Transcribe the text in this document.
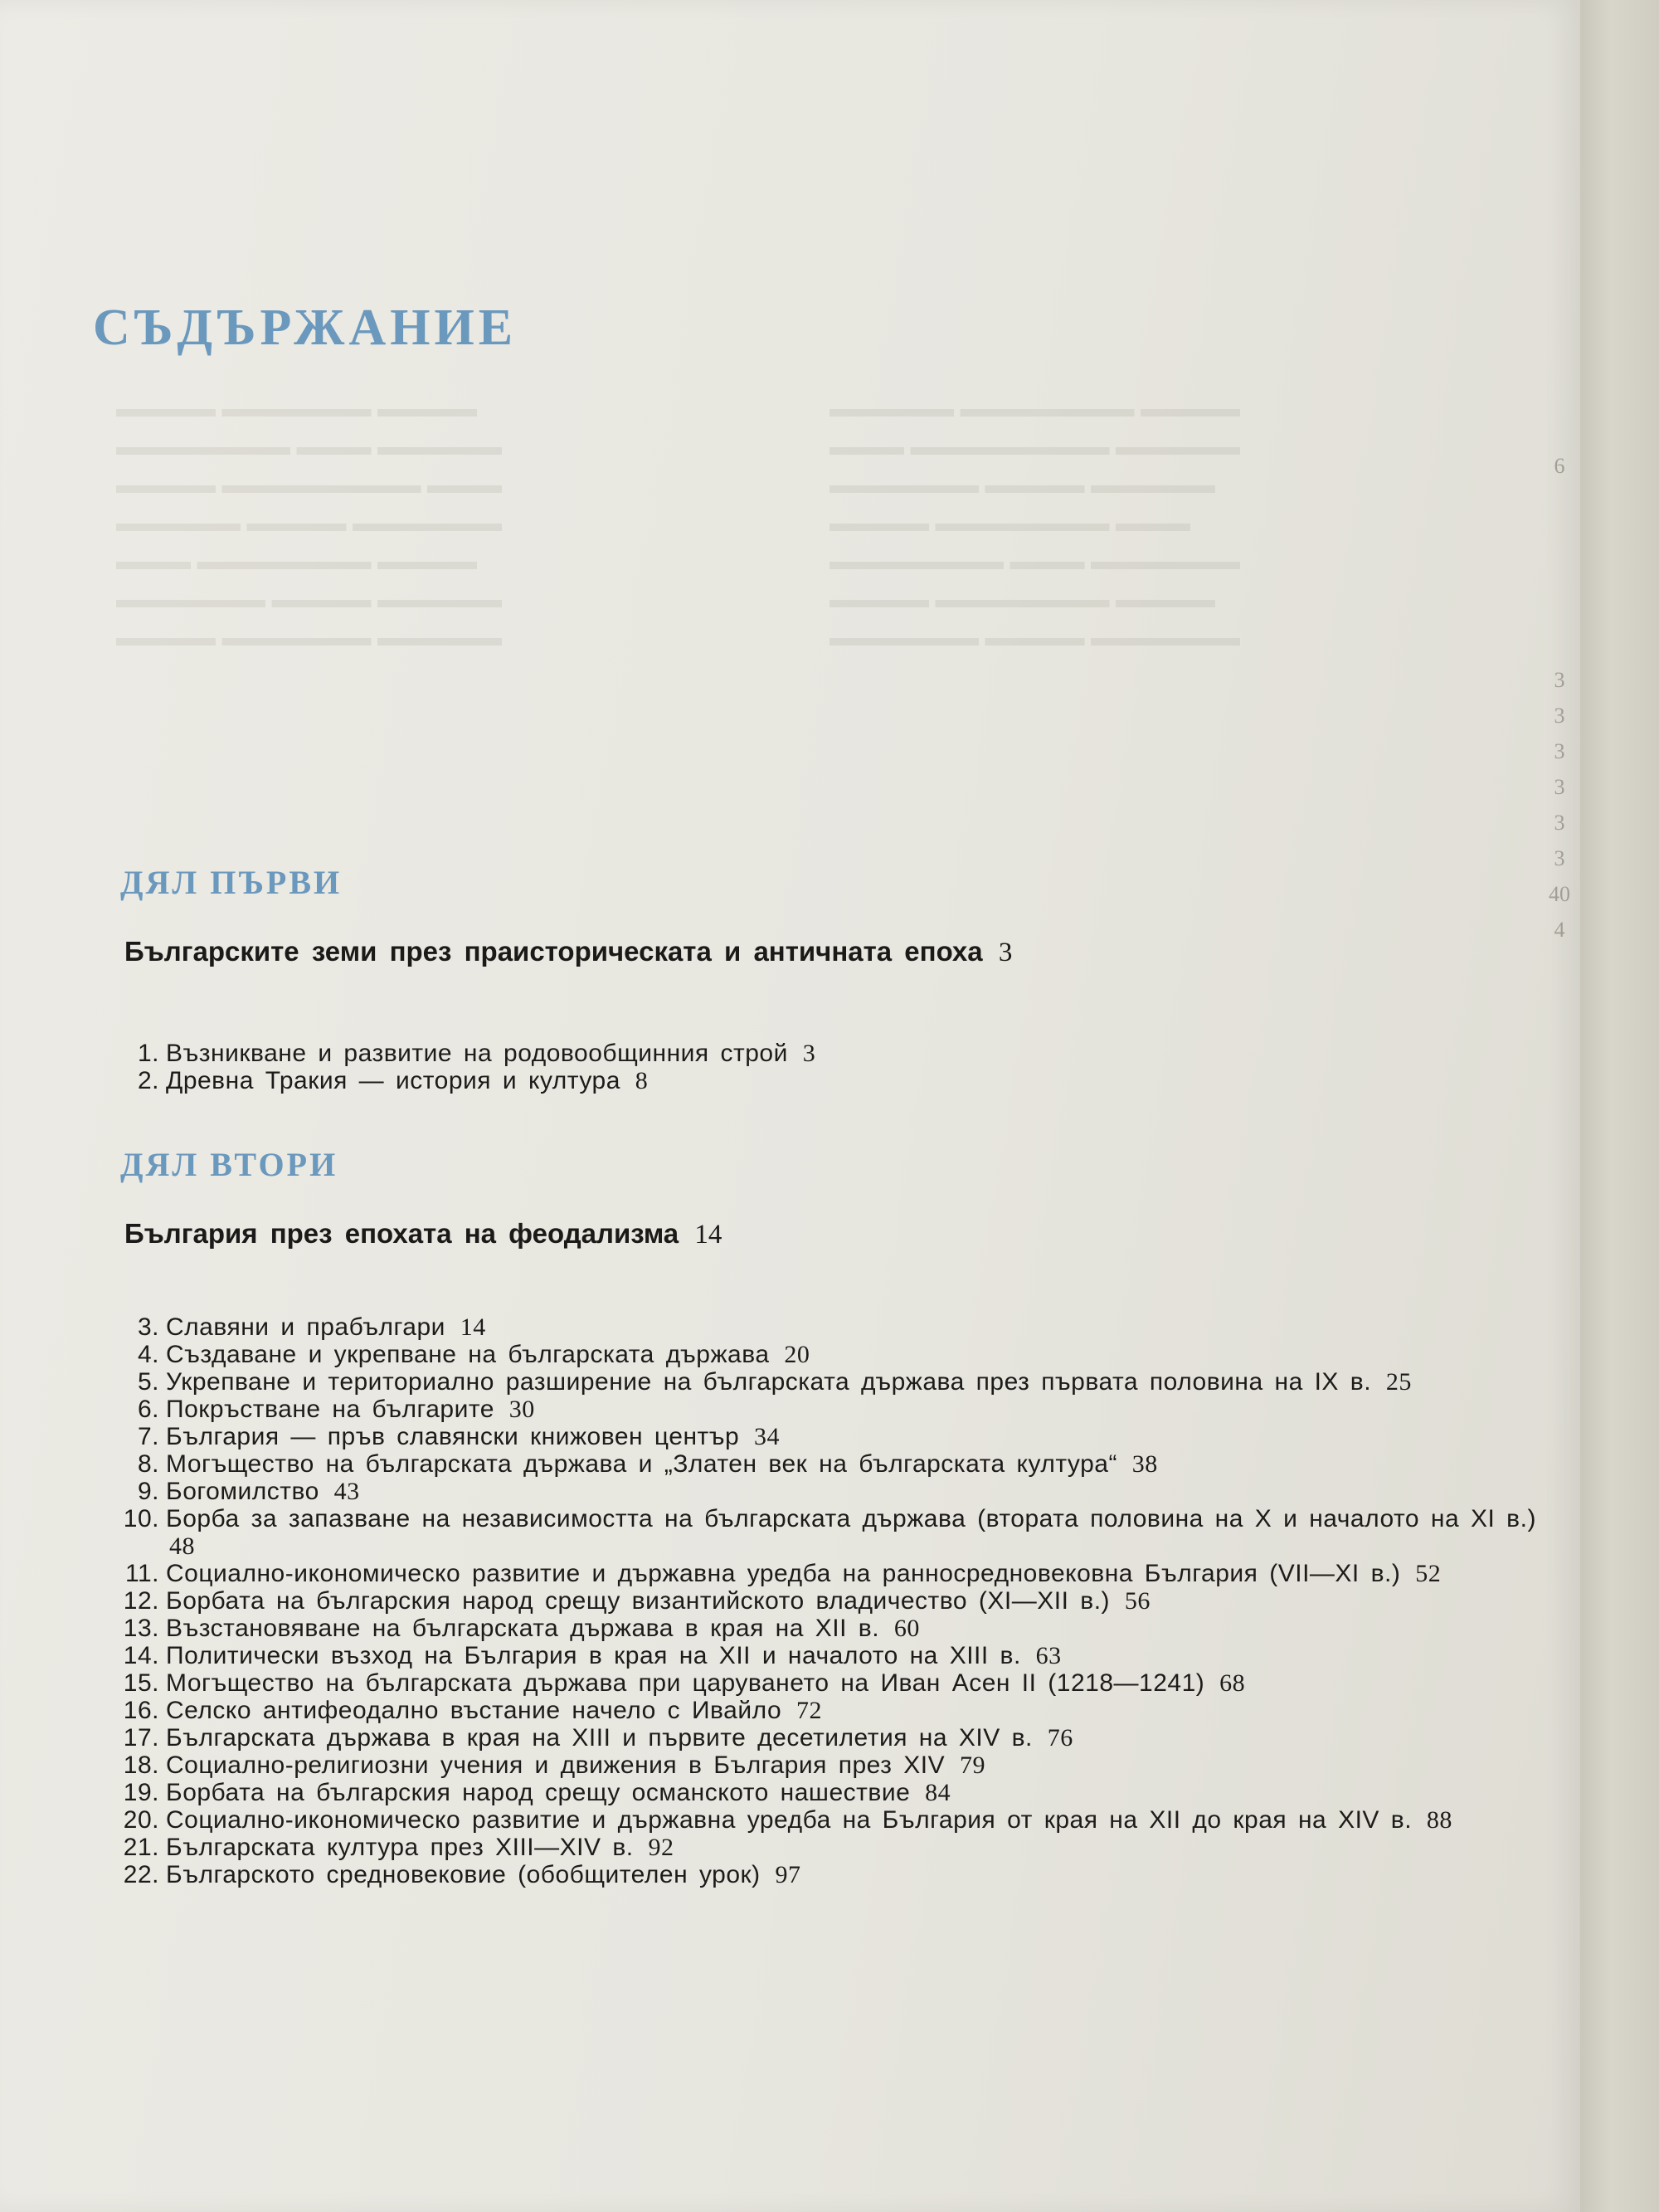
▬▬▬▬ ▬▬▬▬▬▬ ▬▬▬▬
▬▬▬▬▬▬▬ ▬▬▬ ▬▬▬▬▬
▬▬▬▬ ▬▬▬▬▬▬▬▬ ▬▬▬
▬▬▬▬▬ ▬▬▬▬ ▬▬▬▬▬▬
▬▬▬ ▬▬▬▬▬▬▬ ▬▬▬▬
▬▬▬▬▬▬ ▬▬▬▬ ▬▬▬▬▬
▬▬▬▬ ▬▬▬▬▬▬ ▬▬▬▬▬
▬▬▬▬▬ ▬▬▬▬▬▬▬ ▬▬▬▬
▬▬▬ ▬▬▬▬▬▬▬▬ ▬▬▬▬▬
▬▬▬▬▬▬ ▬▬▬▬ ▬▬▬▬▬
▬▬▬▬ ▬▬▬▬▬▬▬ ▬▬▬
▬▬▬▬▬▬▬ ▬▬▬ ▬▬▬▬▬▬
▬▬▬▬ ▬▬▬▬▬▬▬ ▬▬▬▬
▬▬▬▬▬▬ ▬▬▬▬ ▬▬▬▬▬▬
СЪДЪРЖАНИЕ
ДЯЛ ПЪРВИ
Българските земи през праисторическата и античната епоха 3
1. Възникване и развитие на родовообщинния строй 3
2. Древна Тракия — история и култура 8
ДЯЛ ВТОРИ
България през епохата на феодализма 14
3. Славяни и прабългари 14
4. Създаване и укрепване на българската държава 20
5. Укрепване и териториално разширение на българската държава през първата половина на IX в. 25
6. Покръстване на българите 30
7. България — пръв славянски книжовен център 34
8. Могъщество на българската държава и „Златен век на българската култура“ 38
9. Богомилство 43
10. Борба за запазване на независимостта на българската държава (втората половина на X и началото на XI в.) 48
11. Социално-икономическо развитие и държавна уредба на ранносредновековна България (VII—XI в.) 52
12. Борбата на българския народ срещу византийското владичество (XI—XII в.) 56
13. Възстановяване на българската държава в края на XII в. 60
14. Политически възход на България в края на XII и началото на XIII в. 63
15. Могъщество на българската държава при царуването на Иван Асен II (1218—1241) 68
16. Селско антифеодално въстание начело с Ивайло 72
17. Българската държава в края на XIII и първите десетилетия на XIV в. 76
18. Социално-религиозни учения и движения в България през XIV 79
19. Борбата на българския народ срещу османското нашествие 84
20. Социално-икономическо развитие и държавна уредба на България от края на XII до края на XIV в. 88
21. Българската култура през XIII—XIV в. 92
22. Българското средновековие (обобщителен урок) 97
6

3
3
3
3
3
3
40
4
